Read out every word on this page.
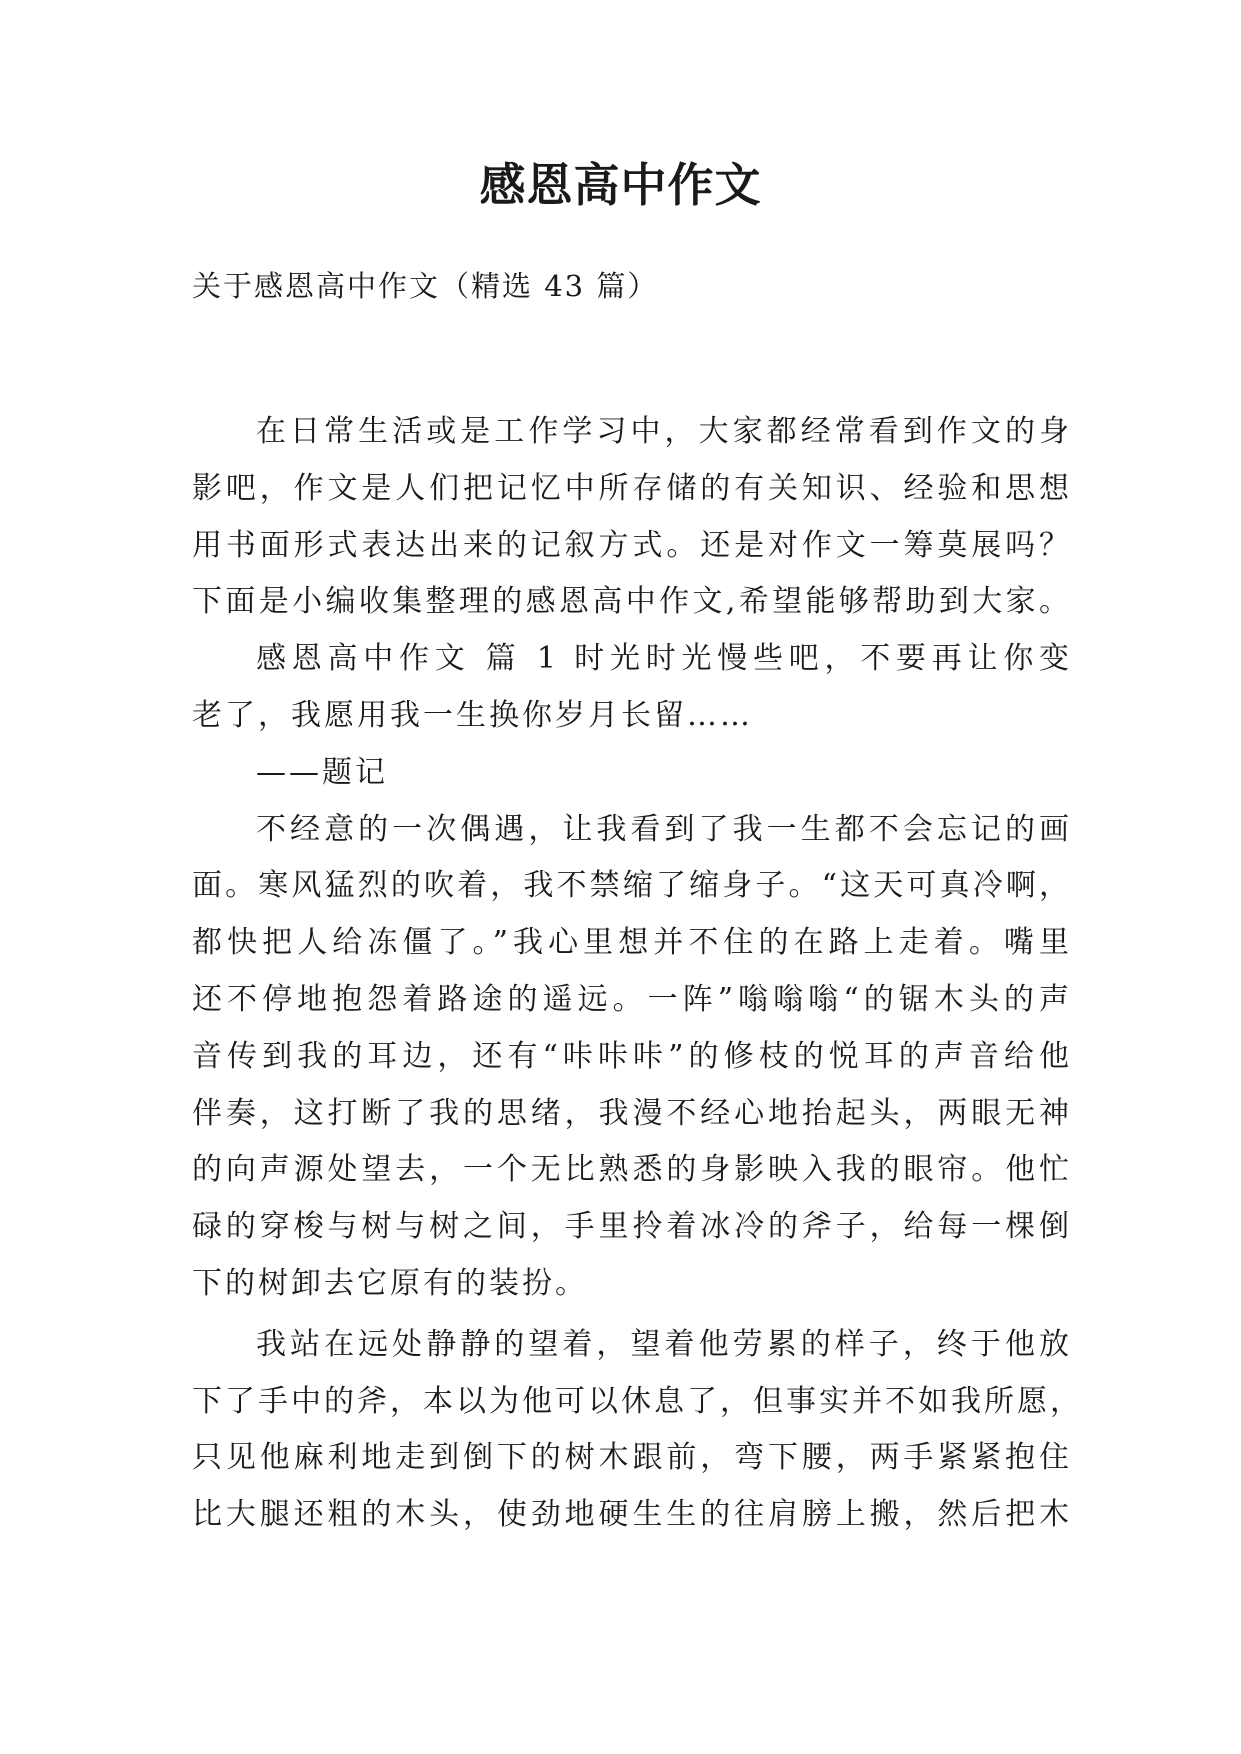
感恩高中作文

关于感恩高中作文（精选 43 篇）

在日常生活或是工作学习中，大家都经常看到作文的身
影吧，作文是人们把记忆中所存储的有关知识、经验和思想
用书面形式表达出来的记叙方式。还是对作文一筹莫展吗？
下面是小编收集整理的感恩高中作文,希望能够帮助到大家。
感恩高中作文 篇 1 时光时光慢些吧，不要再让你变
老了，我愿用我一生换你岁月长留……
——题记
不经意的一次偶遇，让我看到了我一生都不会忘记的画
面。寒风猛烈的吹着，我不禁缩了缩身子。“这天可真冷啊，
都快把人给冻僵了。”我心里想并不住的在路上走着。嘴里
还不停地抱怨着路途的遥远。一阵”嗡嗡嗡“的锯木头的声
音传到我的耳边，还有“咔咔咔”的修枝的悦耳的声音给他
伴奏，这打断了我的思绪，我漫不经心地抬起头，两眼无神
的向声源处望去，一个无比熟悉的身影映入我的眼帘。他忙
碌的穿梭与树与树之间，手里拎着冰冷的斧子，给每一棵倒
下的树卸去它原有的装扮。
我站在远处静静的望着，望着他劳累的样子，终于他放
下了手中的斧，本以为他可以休息了，但事实并不如我所愿，
只见他麻利地走到倒下的树木跟前，弯下腰，两手紧紧抱住
比大腿还粗的木头，使劲地硬生生的往肩膀上搬，然后把木
